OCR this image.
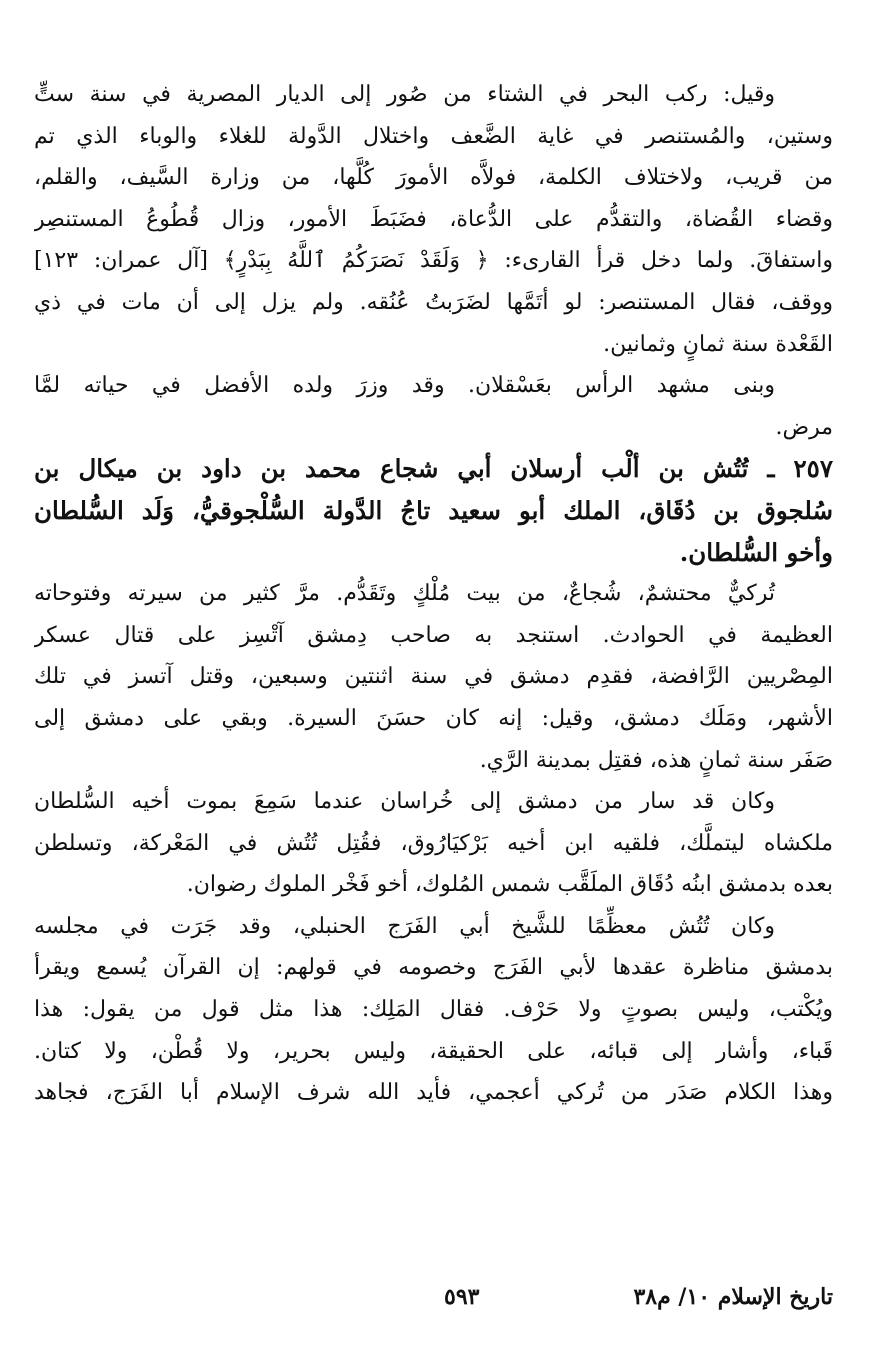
وقيل: ركب البحر في الشتاء من صُور إلى الديار المصرية في سنة ستٍّ
وستين، والمُستنصر في غاية الضَّعف واختلال الدَّولة للغلاء والوباء الذي تم
من قريب، ولاختلاف الكلمة، فولاَّه الأمورَ كُلَّها، من وزارة السَّيف، والقلم،
وقضاء القُضاة، والتقدُّم على الدُّعاة، فضَبَطَ الأمور، وزال قُطُوعُ المستنصِر
واستفاقَ. ولما دخل قرأ القارىء: ﴿ وَلَقَدْ نَصَرَكُمُ ٱللَّهُ بِبَدْرٍ﴾ [آل عمران: ١٢٣]
ووقف، فقال المستنصر: لو أتَمَّها لضَرَبتُ عُنُقه. ولم يزل إلى أن مات في ذي
القَعْدة سنة ثمانٍ وثمانين.

وبنى مشهد الرأس بعَسْقلان. وقد وزرَ ولده الأفضل في حياته لمَّا
مرض.

٢٥٧ ـ تُتُش بن ألْب أرسلان أبي شجاع محمد بن داود بن ميكال بن
سُلجوق بن دُقَاق، الملك أبو سعيد تاجُ الدَّولة السُّلْجوقيُّ، وَلَد السُّلطان
وأخو السُّلطان.

تُركيٌّ محتشمٌ، شُجاعٌ، من بيت مُلْكٍ وتَقَدُّم. مرَّ كثير من سيرته وفتوحاته
العظيمة في الحوادث. استنجد به صاحب دِمشق آتْسِز على قتال عسكر
المِصْريين الرَّافضة، فقدِم دمشق في سنة اثنتين وسبعين، وقتل آتسز في تلك
الأشهر، ومَلَك دمشق، وقيل: إنه كان حسَنَ السيرة. وبقي على دمشق إلى
صَفَر سنة ثمانٍ هذه، فقتِل بمدينة الرَّي.

وكان قد سار من دمشق إلى خُراسان عندما سَمِعَ بموت أخيه السُّلطان
ملكشاه ليتملَّك، فلقيه ابن أخيه بَرْكيَارُوق، فقُتِل تُتُش في المَعْركة، وتسلطن
بعده بدمشق ابنُه دُقَاق الملَقَّب شمس المُلوك، أخو فَخْر الملوك رضوان.

وكان تُتُش معظِّمًا للشَّيخ أبي الفَرَج الحنبلي، وقد جَرَت في مجلسه
بدمشق مناظرة عقدها لأبي الفَرَج وخصومه في قولهم: إن القرآن يُسمع ويقرأ
ويُكْتب، وليس بصوتٍ ولا حَرْف. فقال المَلِك: هذا مثل قول من يقول: هذا
قَباء، وأشار إلى قبائه، على الحقيقة، وليس بحرير، ولا قُطْن، ولا كتان.
وهذا الكلام صَدَر من تُركي أعجمي، فأيد الله شرف الإسلام أبا الفَرَج، فجاهد

تاريخ الإسلام ١٠/ م٣٨
٥٩٣
